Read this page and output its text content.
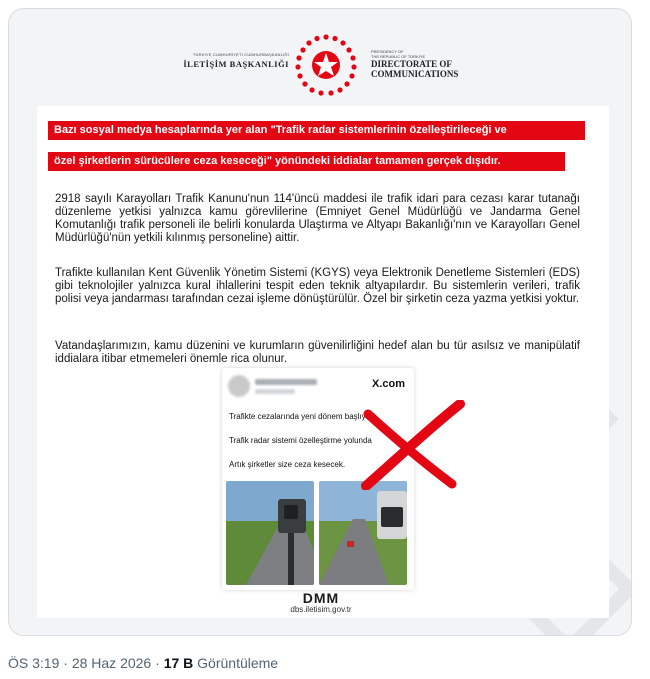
TÜRKİYE CUMHURİYETİ CUMHURBAŞKANLIĞI
İLETİŞİM BAŞKANLIĞI
PRESIDENCY OF
THE REPUBLIC OF TÜRKİYE
DIRECTORATE OF
COMMUNICATIONS
Bazı sosyal medya hesaplarında yer alan "Trafik radar sistemlerinin özelleştirileceği ve
özel şirketlerin sürücülere ceza keseceği" yönündeki iddialar tamamen gerçek dışıdır.

2918 sayılı Karayolları Trafik Kanunu'nun 114'üncü maddesi ile trafik idari para cezası karar tutanağı düzenleme yetkisi yalnızca kamu görevlilerine (Emniyet Genel Müdürlüğü ve Jandarma Genel Komutanlığı trafik personeli ile belirli konularda Ulaştırma ve Altyapı Bakanlığı'nın ve Karayolları Genel Müdürlüğü'nün yetkili kılınmış personeline) aittir.

Trafikte kullanılan Kent Güvenlik Yönetim Sistemi (KGYS) veya Elektronik Denetleme Sistemleri (EDS) gibi teknolojiler yalnızca kural ihlallerini tespit eden teknik altyapılardır. Bu sistemlerin verileri, trafik polisi veya jandarması tarafından cezai işleme dönüştürülür. Özel bir şirketin ceza yazma yetkisi yoktur.

Vatandaşlarımızın, kamu düzenini ve kurumların güvenilirliğini hedef alan bu tür asılsız ve manipülatif iddialara itibar etmemeleri önemle rica olunur.

X.com
Trafikte cezalarında yeni dönem başlıyor!
Trafik radar sistemi özelleştirme yolunda
Artık şirketler size ceza kesecek.
DMM
dbs.iletisim.gov.tr
ÖS 3:19 · 28 Haz 2026 · 17 B Görüntüleme
